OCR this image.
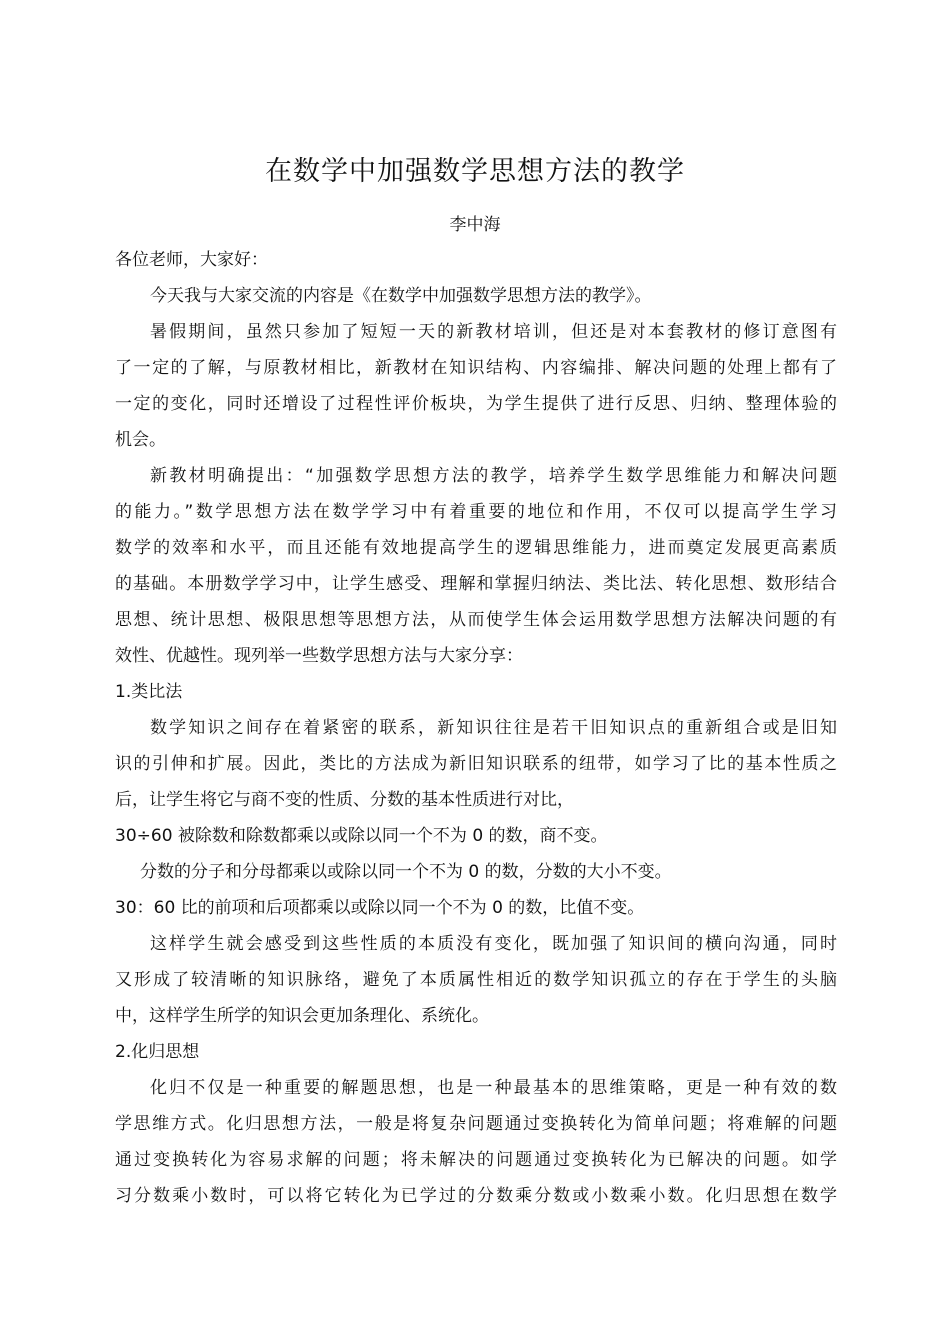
在数学中加强数学思想方法的教学
李中海
各位老师，大家好：
今天我与大家交流的内容是《在数学中加强数学思想方法的教学》。
暑假期间，虽然只参加了短短一天的新教材培训，但还是对本套教材的修订意图有
了一定的了解，与原教材相比，新教材在知识结构、内容编排、解决问题的处理上都有了
一定的变化，同时还增设了过程性评价板块，为学生提供了进行反思、归纳、整理体验的
机会。
新教材明确提出：“加强数学思想方法的教学，培养学生数学思维能力和解决问题
的能力。”数学思想方法在数学学习中有着重要的地位和作用，不仅可以提高学生学习
数学的效率和水平，而且还能有效地提高学生的逻辑思维能力，进而奠定发展更高素质
的基础。本册数学学习中，让学生感受、理解和掌握归纳法、类比法、转化思想、数形结合
思想、统计思想、极限思想等思想方法，从而使学生体会运用数学思想方法解决问题的有
效性、优越性。现列举一些数学思想方法与大家分享：
1.类比法
数学知识之间存在着紧密的联系，新知识往往是若干旧知识点的重新组合或是旧知
识的引伸和扩展。因此，类比的方法成为新旧知识联系的纽带，如学习了比的基本性质之
后，让学生将它与商不变的性质、分数的基本性质进行对比，
30÷60 被除数和除数都乘以或除以同一个不为 0 的数，商不变。
分数的分子和分母都乘以或除以同一个不为 0 的数，分数的大小不变。
30：60 比的前项和后项都乘以或除以同一个不为 0 的数，比值不变。
这样学生就会感受到这些性质的本质没有变化，既加强了知识间的横向沟通，同时
又形成了较清晰的知识脉络，避免了本质属性相近的数学知识孤立的存在于学生的头脑
中，这样学生所学的知识会更加条理化、系统化。
2.化归思想
化归不仅是一种重要的解题思想，也是一种最基本的思维策略，更是一种有效的数
学思维方式。化归思想方法，一般是将复杂问题通过变换转化为简单问题；将难解的问题
通过变换转化为容易求解的问题；将未解决的问题通过变换转化为已解决的问题。如学
习分数乘小数时，可以将它转化为已学过的分数乘分数或小数乘小数。化归思想在数学
